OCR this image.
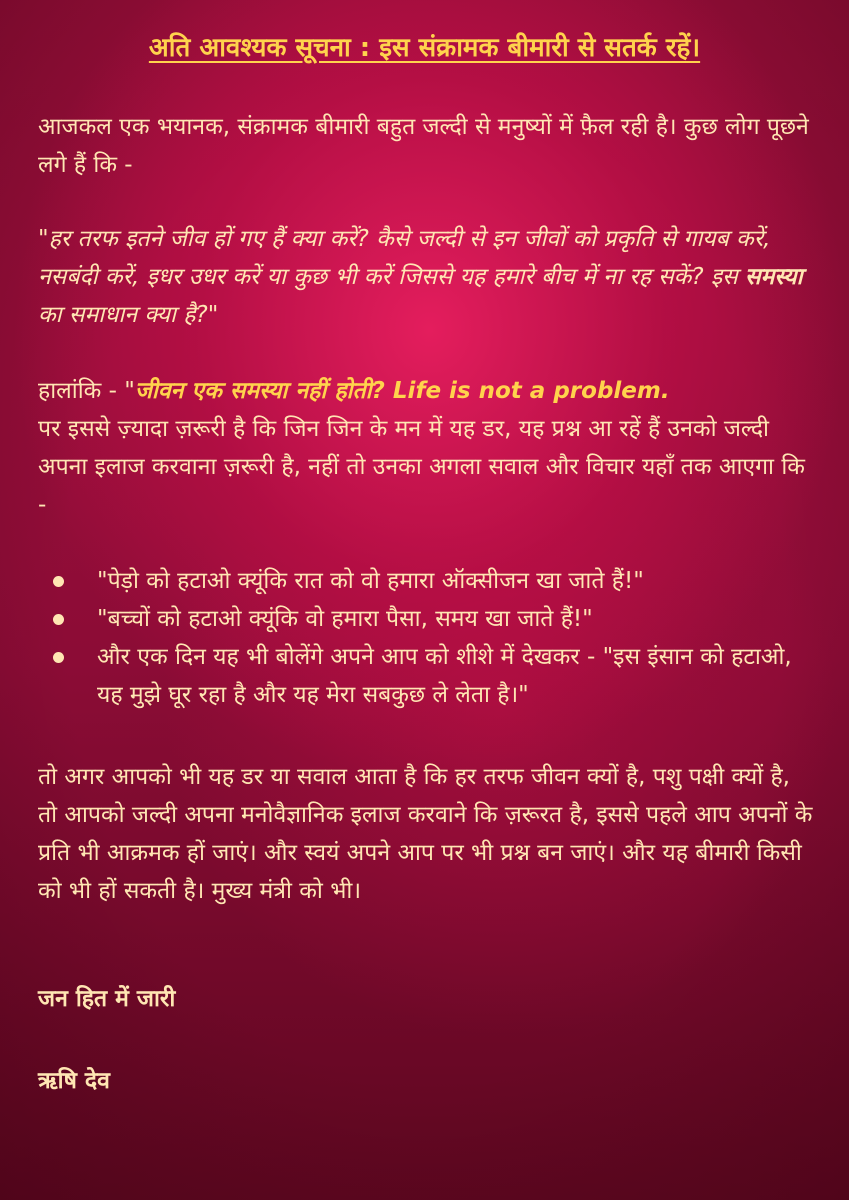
अति आवश्यक सूचना : इस संक्रामक बीमारी से सतर्क रहें।

आजकल एक भयानक, संक्रामक बीमारी बहुत जल्दी से मनुष्यों में फ़ैल रही है। कुछ लोग पूछने लगे हैं कि -

"हर तरफ इतने जीव हों गए हैं क्या करें? कैसे जल्दी से इन जीवों को प्रकृति से गायब करें, नसबंदी करें, इधर उधर करें या कुछ भी करें जिससे यह हमारे बीच में ना रह सकें? इस समस्या का समाधान क्या है?"

हालांकि - "जीवन एक समस्या नहीं होती? Life is not a problem.
पर इससे ज़्यादा ज़रूरी है कि जिन जिन के मन में यह डर, यह प्रश्न आ रहें हैं उनको जल्दी अपना इलाज करवाना ज़रूरी है, नहीं तो उनका अगला सवाल और विचार यहाँ तक आएगा कि -

"पेड़ो को हटाओ क्यूंकि रात को वो हमारा ऑक्सीजन खा जाते हैं!"
"बच्चों को हटाओ क्यूंकि वो हमारा पैसा, समय खा जाते हैं!"
और एक दिन यह भी बोलेंगे अपने आप को शीशे में देखकर - "इस इंसान को हटाओ, यह मुझे घूर रहा है और यह मेरा सबकुछ ले लेता है।"

तो अगर आपको भी यह डर या सवाल आता है कि हर तरफ जीवन क्यों है, पशु पक्षी क्यों है, तो आपको जल्दी अपना मनोवैज्ञानिक इलाज करवाने कि ज़रूरत है, इससे पहले आप अपनों के प्रति भी आक्रमक हों जाएं। और स्वयं अपने आप पर भी प्रश्न बन जाएं। और यह बीमारी किसी को भी हों सकती है। मुख्य मंत्री को भी।

जन हित में जारी

ऋषि देव
